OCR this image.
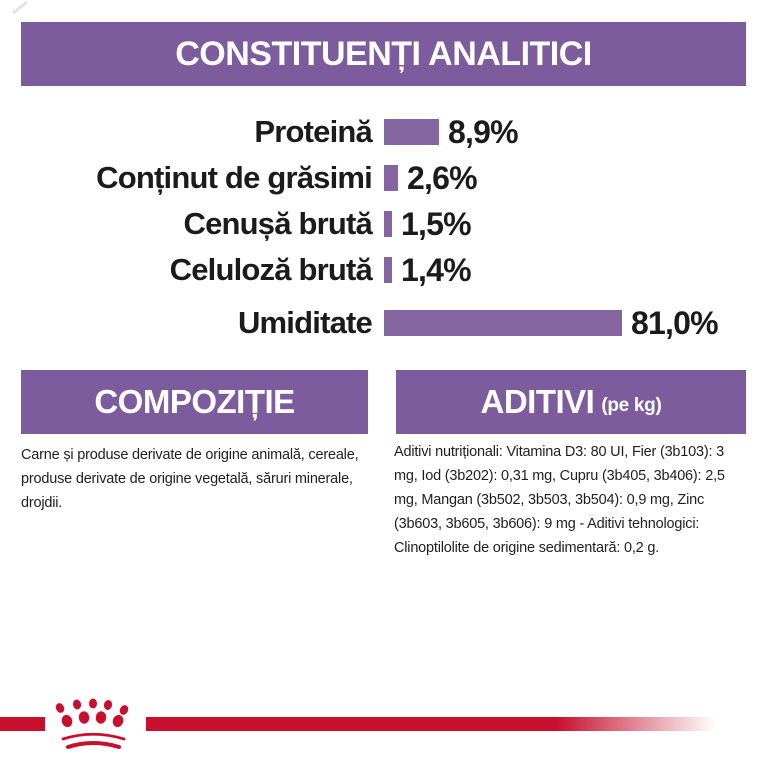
CONSTITUENȚI ANALITICI
Proteină 8,9%
Conținut de grăsimi 2,6%
Cenușă brută 1,5%
Celuloză brută 1,4%
Umiditate	81,0%
COMPOZIȚIE	ADITIVI (pe kg)
Carne și produse derivate de origine animală, cereale, produse derivate de origine vegetală, săruri minerale, drojdii.
Aditivi nutriționali: Vitamina D3: 80 UI, Fier (3b103): 3 mg, Iod (3b202): 0,31 mg, Cupru (3b405, 3b406): 2,5 mg, Mangan (3b502, 3b503, 3b504): 0,9 mg, Zinc (3b603, 3b605, 3b606): 9 mg - Aditivi tehnologici: Clinoptilolite de origine sedimentară: 0,2 g.
